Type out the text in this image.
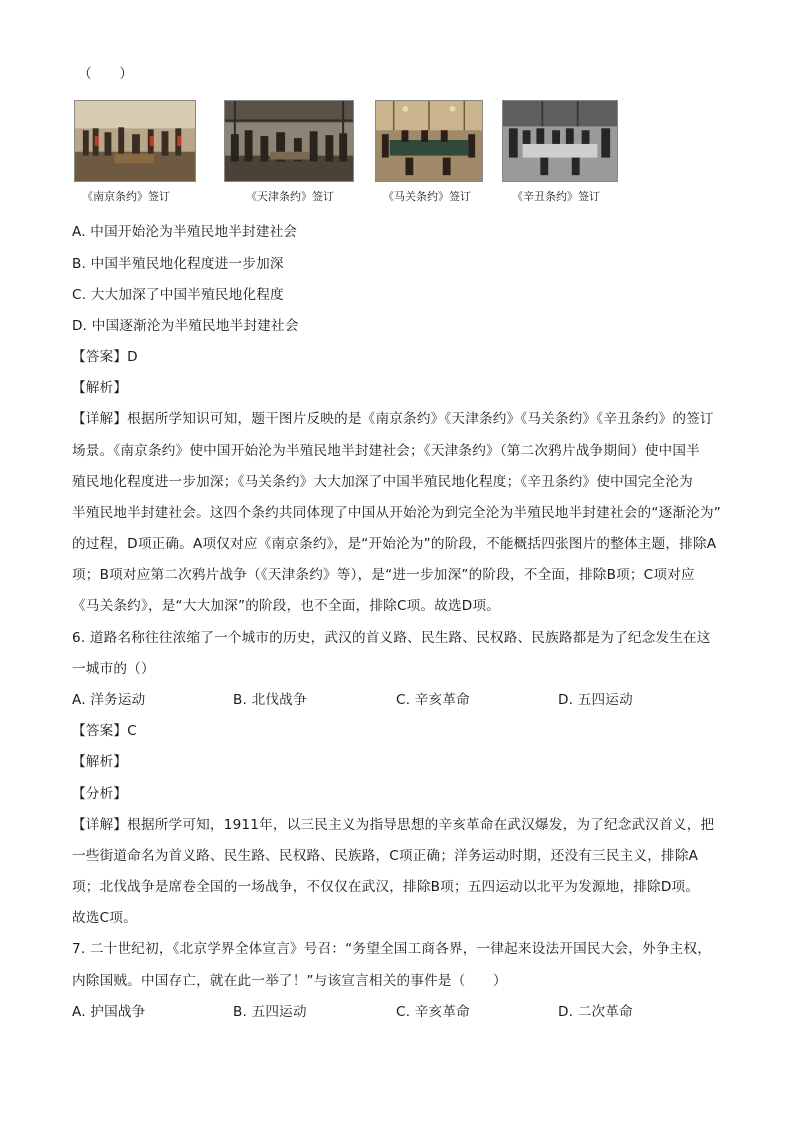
（　　）
《南京条约》签订	《天津条约》签订	《马关条约》签订	《辛丑条约》签订
A. 中国开始沦为半殖民地半封建社会
B. 中国半殖民地化程度进一步加深
C. 大大加深了中国半殖民地化程度
D. 中国逐渐沦为半殖民地半封建社会
【答案】D
【解析】
【详解】根据所学知识可知，题干图片反映的是《南京条约》《天津条约》《马关条约》《辛丑条约》的签订
场景。《南京条约》使中国开始沦为半殖民地半封建社会；《天津条约》（第二次鸦片战争期间）使中国半
殖民地化程度进一步加深；《马关条约》大大加深了中国半殖民地化程度；《辛丑条约》使中国完全沦为
半殖民地半封建社会。这四个条约共同体现了中国从开始沦为到完全沦为半殖民地半封建社会的“逐渐沦为”
的过程，D项正确。A项仅对应《南京条约》，是“开始沦为”的阶段，不能概括四张图片的整体主题，排除A
项；B项对应第二次鸦片战争（《天津条约》等），是“进一步加深”的阶段，不全面，排除B项；C项对应
《马关条约》，是“大大加深”的阶段，也不全面，排除C项。故选D项。
6. 道路名称往往浓缩了一个城市的历史，武汉的首义路、民生路、民权路、民族路都是为了纪念发生在这
一城市的（）
A. 洋务运动	B. 北伐战争	C. 辛亥革命	D. 五四运动
【答案】C
【解析】
【分析】
【详解】根据所学可知，1911年，以三民主义为指导思想的辛亥革命在武汉爆发，为了纪念武汉首义，把
一些街道命名为首义路、民生路、民权路、民族路，C项正确；洋务运动时期，还没有三民主义，排除A
项；北伐战争是席卷全国的一场战争，不仅仅在武汉，排除B项；五四运动以北平为发源地，排除D项。
故选C项。
7. 二十世纪初，《北京学界全体宣言》号召：“务望全国工商各界，一律起来设法开国民大会，外争主权，
内除国贼。中国存亡，就在此一举了！”与该宣言相关的事件是（　　）
A. 护国战争	B. 五四运动	C. 辛亥革命	D. 二次革命
